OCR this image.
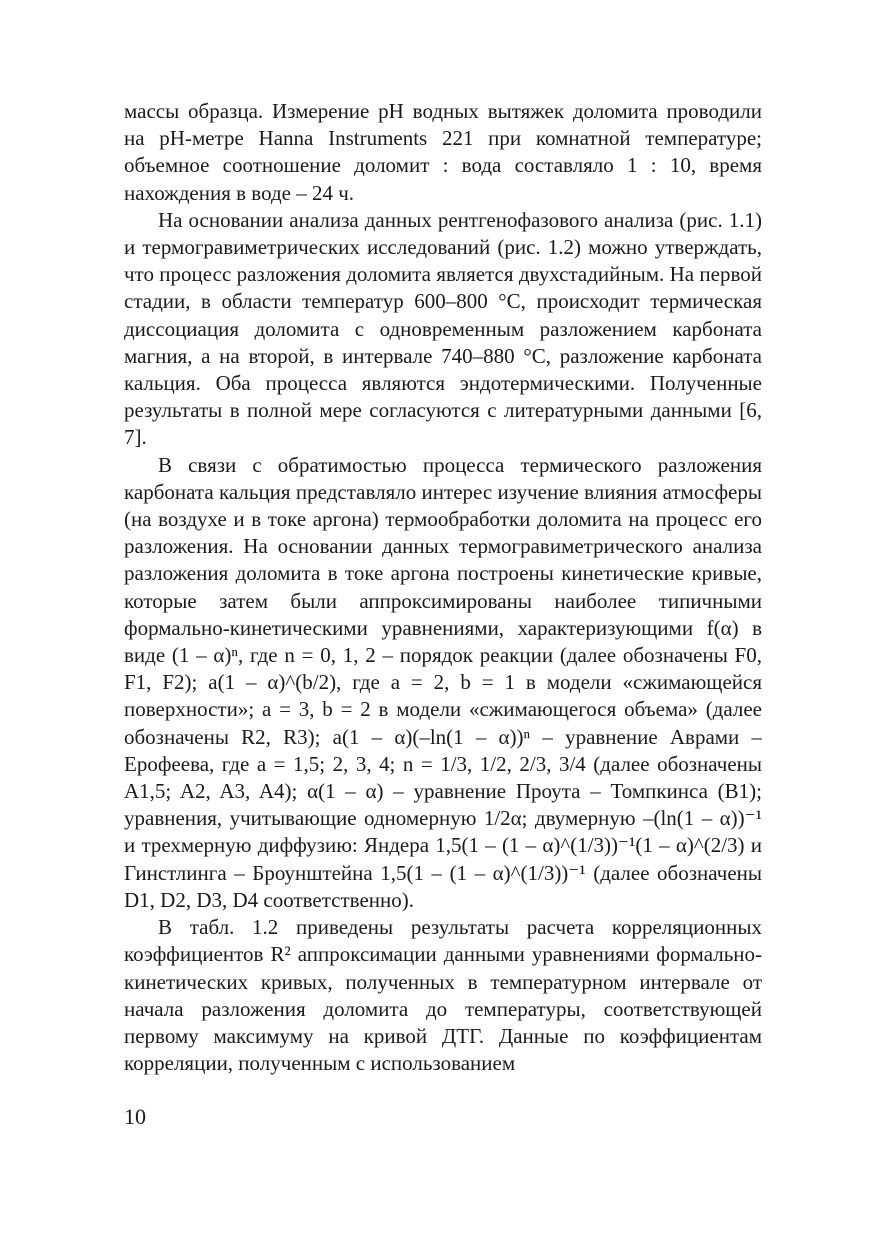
массы образца. Измерение pH водных вытяжек доломита проводили на pH-метре Hanna Instruments 221 при комнатной температуре; объемное соотношение доломит : вода составляло 1 : 10, время нахождения в воде – 24 ч.

На основании анализа данных рентгенофазового анализа (рис. 1.1) и термогравиметрических исследований (рис. 1.2) можно утверждать, что процесс разложения доломита является двухстадийным. На первой стадии, в области температур 600–800 °С, происходит термическая диссоциация доломита с одновременным разложением карбоната магния, а на второй, в интервале 740–880 °С, разложение карбоната кальция. Оба процесса являются эндотермическими. Полученные результаты в полной мере согласуются с литературными данными [6, 7].

В связи с обратимостью процесса термического разложения карбоната кальция представляло интерес изучение влияния атмосферы (на воздухе и в токе аргона) термообработки доломита на процесс его разложения. На основании данных термогравиметрического анализа разложения доломита в токе аргона построены кинетические кривые, которые затем были аппроксимированы наиболее типичными формально-кинетическими уравнениями, характеризующими f(α) в виде (1 – α)ⁿ, где n = 0, 1, 2 – порядок реакции (далее обозначены F0, F1, F2); a(1 – α)^(b/2), где a = 2, b = 1 в модели «сжимающейся поверхности»; a = 3, b = 2 в модели «сжимающегося объема» (далее обозначены R2, R3); a(1 – α)(–ln(1 – α))ⁿ – уравнение Аврами – Ерофеева, где a = 1,5; 2, 3, 4; n = 1/3, 1/2, 2/3, 3/4 (далее обозначены A1,5; A2, A3, A4); α(1 – α) – уравнение Проута – Томпкинса (B1); уравнения, учитывающие одномерную 1/2α; двумерную –(ln(1 – α))⁻¹ и трехмерную диффузию: Яндера 1,5(1 – (1 – α)^(1/3))⁻¹(1 – α)^(2/3) и Гинстлинга – Броунштейна 1,5(1 – (1 – α)^(1/3))⁻¹ (далее обозначены D1, D2, D3, D4 соответственно).

В табл. 1.2 приведены результаты расчета корреляционных коэффициентов R² аппроксимации данными уравнениями формально-кинетических кривых, полученных в температурном интервале от начала разложения доломита до температуры, соответствующей первому максимуму на кривой ДТГ. Данные по коэффициентам корреляции, полученным с использованием

10
